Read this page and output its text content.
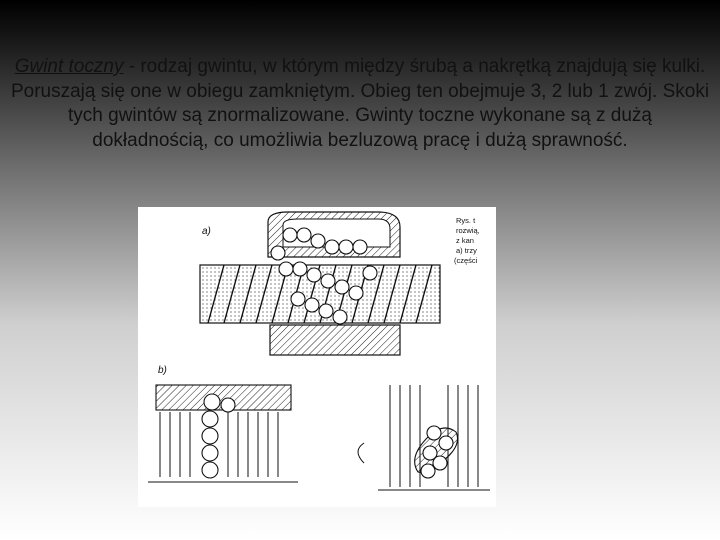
Gwint toczny - rodzaj gwintu, w którym między śrubą a nakrętką znajdują się kulki. Poruszają się one w obiegu zamkniętym. Obieg ten obejmuje 3, 2 lub 1 zwój. Skoki tych gwintów są znormalizowane. Gwinty toczne wykonane są z dużą dokładnością, co umożliwia bezluzową pracę i dużą sprawność.
a)
Rys. t
rozwią,
z kan
a) trzy
(części
b)
